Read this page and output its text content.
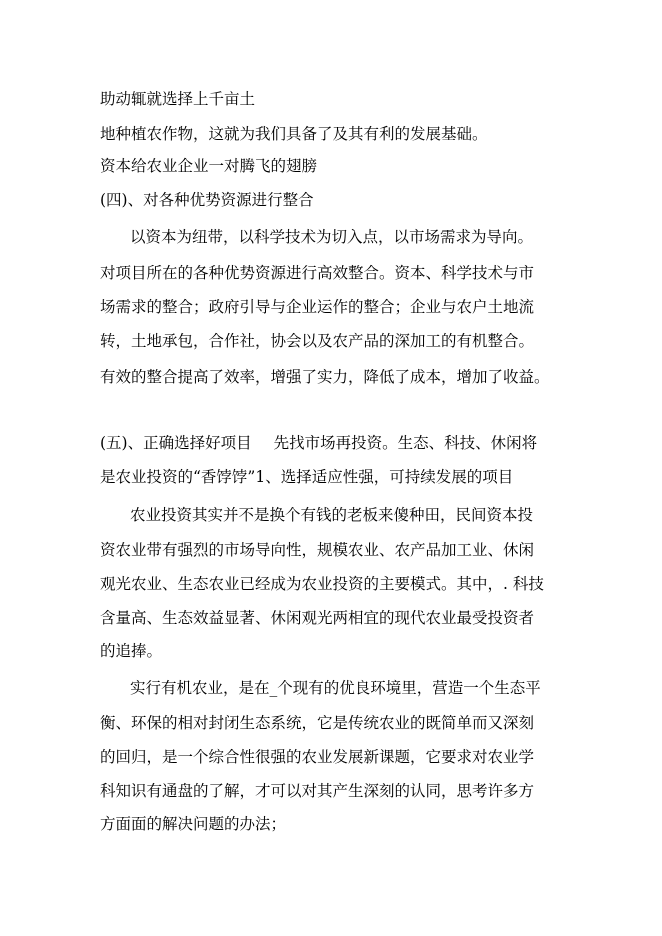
助动辄就选择上千亩土
地种植农作物，这就为我们具备了及其有利的发展基础。
资本给农业企业一对腾飞的翅膀
(四)、对各种优势资源进行整合
以资本为纽带，以科学技术为切入点，以市场需求为导向。
对项目所在的各种优势资源进行高效整合。资本、科学技术与市
场需求的整合；政府引导与企业运作的整合；企业与农户土地流
转，土地承包，合作社，协会以及农产品的深加工的有机整合。
有效的整合提高了效率，增强了实力，降低了成本，增加了收益。
(五)、正确选择好项目 先找市场再投资。生态、科技、休闲将
是农业投资的“香饽饽”1、选择适应性强，可持续发展的项目
农业投资其实并不是换个有钱的老板来傻种田，民间资本投
资农业带有强烈的市场导向性，规模农业、农产品加工业、休闲
观光农业、生态农业已经成为农业投资的主要模式。其中，. 科技
含量高、生态效益显著、休闲观光两相宜的现代农业最受投资者
的追捧。
实行有机农业，是在_个现有的优良环境里，营造一个生态平
衡、环保的相对封闭生态系统，它是传统农业的既简单而又深刻
的回归，是一个综合性很强的农业发展新课题，它要求对农业学
科知识有通盘的了解，才可以对其产生深刻的认同，思考许多方
方面面的解决问题的办法；
